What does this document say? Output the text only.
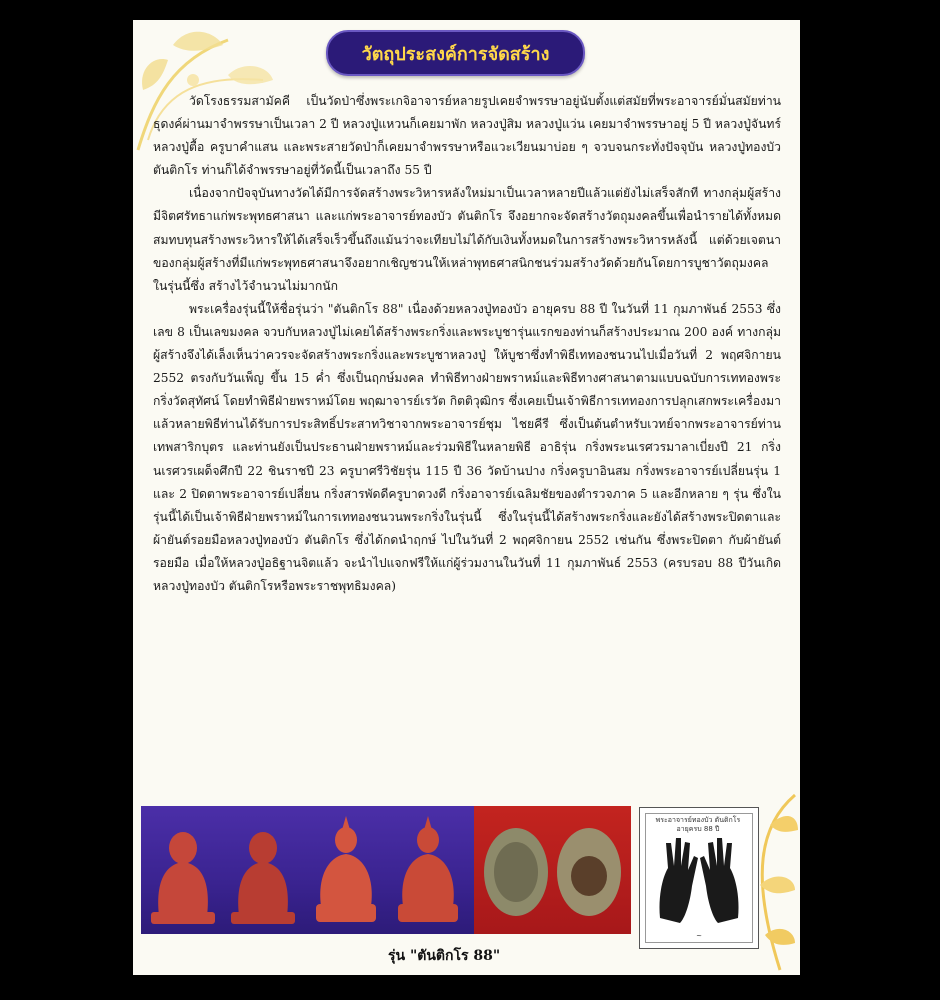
วัตถุประสงค์การจัดสร้าง

วัดโรงธรรมสามัคคี เป็นวัดป่าซึ่งพระเกจิอาจารย์หลายรูปเคยจำพรรษาอยู่นับตั้งแต่สมัยที่พระอาจารย์มั่นสมัยท่านธุดงค์ผ่านมาจำพรรษาเป็นเวลา 2 ปี หลวงปู่แหวนก็เคยมาพัก หลวงปู่สิม หลวงปู่แว่น เคยมาจำพรรษาอยู่ 5 ปี หลวงปู่จันทร์ หลวงปู่ตื้อ ครูบาคำแสน และพระสายวัดป่าก็เคยมาจำพรรษาหรือแวะเวียนมาบ่อย ๆ จวบจนกระทั่งปัจจุบัน หลวงปู่ทองบัว ตันติกโร ท่านก็ได้จำพรรษาอยู่ที่วัดนี้เป็นเวลาถึง 55 ปี

เนื่องจากปัจจุบันทางวัดได้มีการจัดสร้างพระวิหารหลังใหม่มาเป็นเวลาหลายปีแล้วแต่ยังไม่เสร็จสักที ทางกลุ่มผู้สร้างมีจิตศรัทธาแก่พระพุทธศาสนา และแก่พระอาจารย์ทองบัว ตันติกโร จึงอยากจะจัดสร้างวัตถุมงคลขึ้นเพื่อนำรายได้ทั้งหมดสมทบทุนสร้างพระวิหารให้ได้เสร็จเร็วขึ้นถึงแม้นว่าจะเทียบไม่ได้กับเงินทั้งหมดในการสร้างพระวิหารหลังนี้ แต่ด้วยเจตนาของกลุ่มผู้สร้างที่มีแก่พระพุทธศาสนาจึงอยากเชิญชวนให้เหล่าพุทธศาสนิกชนร่วมสร้างวัดด้วยกันโดยการบูชาวัตถุมงคลในรุ่นนี้ซึ่ง สร้างไว้จำนวนไม่มากนัก

พระเครื่องรุ่นนี้ให้ชื่อรุ่นว่า "ตันติกโร 88" เนื่องด้วยหลวงปู่ทองบัว อายุครบ 88 ปี ในวันที่ 11 กุมภาพันธ์ 2553 ซึ่งเลข 8 เป็นเลขมงคล จวบกับหลวงปู่ไม่เคยได้สร้างพระกริ่งและพระบูชารุ่นแรกของท่านก็สร้างประมาณ 200 องค์ ทางกลุ่มผู้สร้างจึงได้เล็งเห็นว่าควรจะจัดสร้างพระกริ่งและพระบูชาหลวงปู่ ให้บูชาซึ่งทำพิธีเททองชนวนไปเมื่อวันที่ 2 พฤศจิกายน 2552 ตรงกับวันเพ็ญ ขึ้น 15 ค่ำ ซึ่งเป็นฤกษ์มงคล ทำพิธีทางฝ่ายพราหม์และพิธีทางศาสนาตามแบบฉบับการเททองพระกริ่งวัดสุทัศน์ โดยทำพิธีฝ่ายพราหม์โดย พฤฒาจารย์เรวัต กิตติวุฒิกร ซึ่งเคยเป็นเจ้าพิธีการเททองการปลุกเสกพระเครื่องมาแล้วหลายพิธีท่านได้รับการประสิทธิ์ประสาทวิชาจากพระอาจารย์ชุม ไชยคีรี ซึ่งเป็นต้นตำหรับเวทย์จากพระอาจารย์ท่านเทพสาริกบุตร และท่านยังเป็นประธานฝ่ายพราหม์และร่วมพิธีในหลายพิธี อาธิรุ่น กริ่งพระนเรศวรมาลาเบี่ยงปี 21 กริ่งนเรศวรเผด็จศึกปี 22 ชินราชปี 23 ครูบาศรีวิชัยรุ่น 115 ปี 36 วัดบ้านปาง กริ่งครูบาอินสม กริ่งพระอาจารย์เปลี่ยนรุ่น 1 และ 2 ปิดตาพระอาจารย์เปลี่ยน กริ่งสารพัดดีครูบาดวงดี กริ่งอาจารย์เฉลิมชัยของตำรวจภาค 5 และอีกหลาย ๆ รุ่น ซึ่งในรุ่นนี้ได้เป็นเจ้าพิธีฝ่ายพราหม์ในการเททองชนวนพระกริ่งในรุ่นนี้ ซึ่งในรุ่นนี้ได้สร้างพระกริ่งและยังได้สร้างพระปิดตาและผ้ายันต์รอยมือหลวงปู่ทองบัว ตันติกโร ซึ่งได้กดนำฤกษ์ ไปในวันที่ 2 พฤศจิกายน 2552 เช่นกัน ซึ่งพระปิดตา กับผ้ายันต์รอยมือ เมื่อให้หลวงปู่อธิฐานจิตแล้ว จะนำไปแจกฟรีให้แก่ผู้ร่วมงานในวันที่ 11 กุมภาพันธ์ 2553 (ครบรอบ 88 ปีวันเกิดหลวงปู่ทองบัว ตันติกโรหรือพระราชพุทธิมงคล)

พระอาจารย์ทองบัว ตันติกโร
อายุครบ 88 ปี
~
รุ่น "ตันติกโร 88"
